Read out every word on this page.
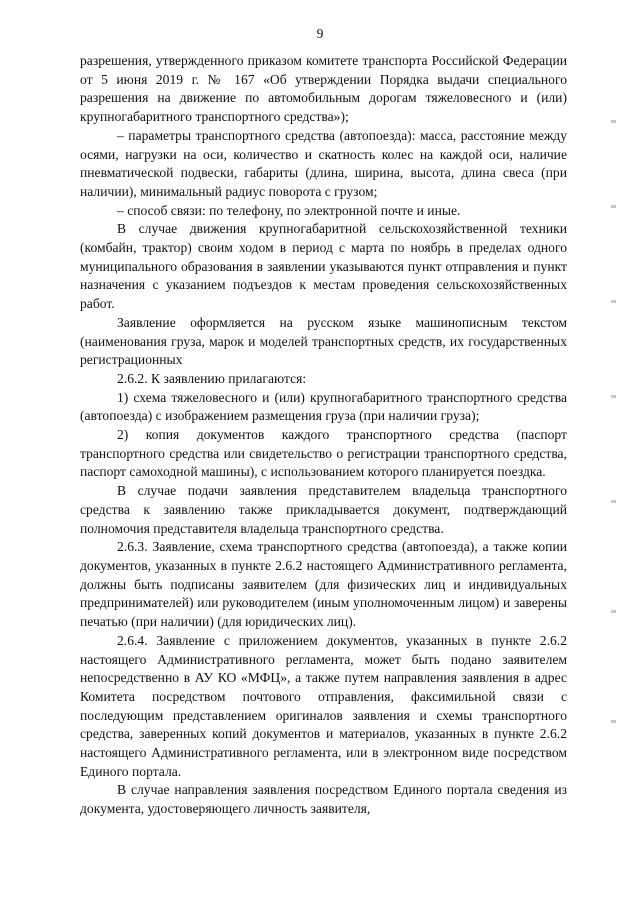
9

разрешения, утвержденного приказом комитете транспорта Российской Федерации от 5 июня 2019 г. № 167 «Об утверждении Порядка выдачи специального разрешения на движение по автомобильным дорогам тяжеловесного и (или) крупногабаритного транспортного средства»);

– параметры транспортного средства (автопоезда): масса, расстояние между осями, нагрузки на оси, количество и скатность колес на каждой оси, наличие пневматической подвески, габариты (длина, ширина, высота, длина свеса (при наличии), минимальный радиус поворота с грузом;

– способ связи: по телефону, по электронной почте и иные.

В случае движения крупногабаритной сельскохозяйственной техники (комбайн, трактор) своим ходом в период с марта по ноябрь в пределах одного муниципального образования в заявлении указываются пункт отправления и пункт назначения с указанием подъездов к местам проведения сельскохозяйственных работ.

Заявление оформляется на русском языке машинописным текстом (наименования груза, марок и моделей транспортных средств, их государственных регистрационных

2.6.2. К заявлению прилагаются:

1) схема тяжеловесного и (или) крупногабаритного транспортного средства (автопоезда) с изображением размещения груза (при наличии груза);

2) копия документов каждого транспортного средства (паспорт транспортного средства или свидетельство о регистрации транспортного средства, паспорт самоходной машины), с использованием которого планируется поездка.

В случае подачи заявления представителем владельца транспортного средства к заявлению также прикладывается документ, подтверждающий полномочия представителя владельца транспортного средства.

2.6.3. Заявление, схема транспортного средства (автопоезда), а также копии документов, указанных в пункте 2.6.2 настоящего Административного регламента, должны быть подписаны заявителем (для физических лиц и индивидуальных предпринимателей) или руководителем (иным уполномоченным лицом) и заверены печатью (при наличии) (для юридических лиц).

2.6.4. Заявление с приложением документов, указанных в пункте 2.6.2 настоящего Административного регламента, может быть подано заявителем непосредственно в АУ КО «МФЦ», а также путем направления заявления в адрес Комитета посредством почтового отправления, факсимильной связи с последующим представлением оригиналов заявления и схемы транспортного средства, заверенных копий документов и материалов, указанных в пункте 2.6.2 настоящего Административного регламента, или в электронном виде посредством Единого портала.

В случае направления заявления посредством Единого портала сведения из документа, удостоверяющего личность заявителя,
